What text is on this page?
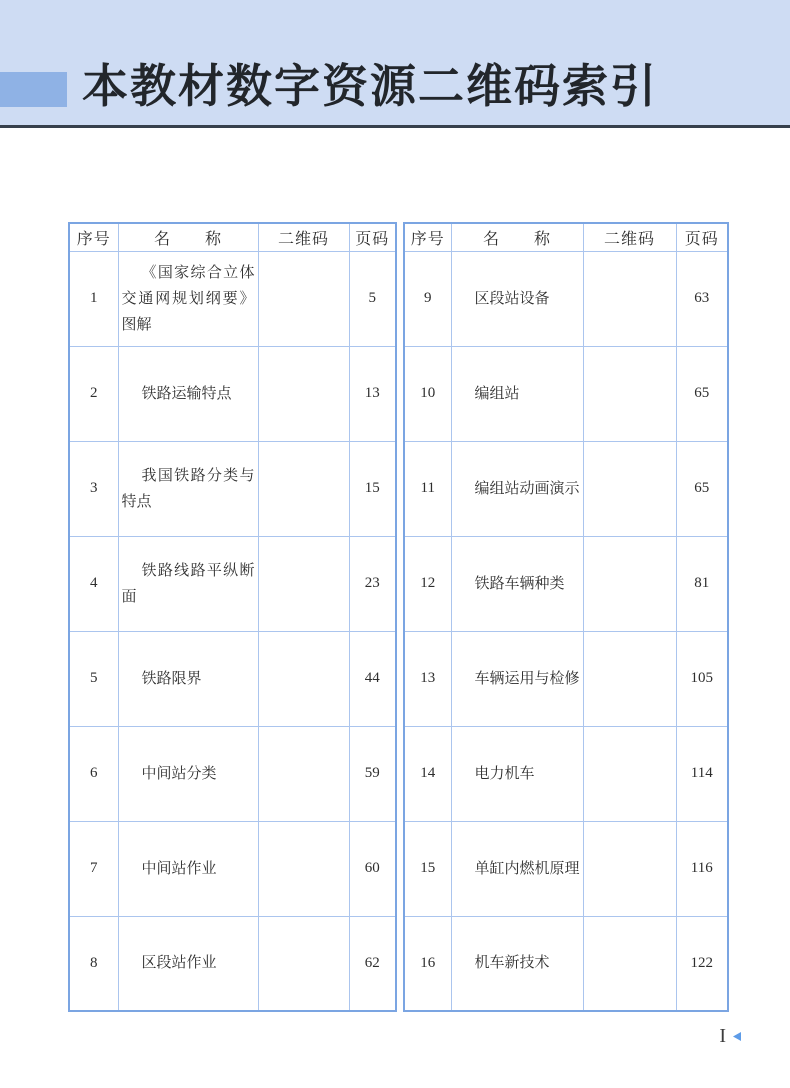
本教材数字资源二维码索引
序号	名　　称	二维码	页码
1	《国家综合立体交通网规划纲要》图解		5
2	铁路运输特点		13
3	我国铁路分类与特点		15
4	铁路线路平纵断面		23
5	铁路限界		44
6	中间站分类		59
7	中间站作业		60
8	区段站作业		62
序号	名　　称	二维码	页码
9	区段站设备		63
10	编组站		65
11	编组站动画演示		65
12	铁路车辆种类		81
13	车辆运用与检修		105
14	电力机车		114
15	单缸内燃机原理		116
16	机车新技术		122
I
